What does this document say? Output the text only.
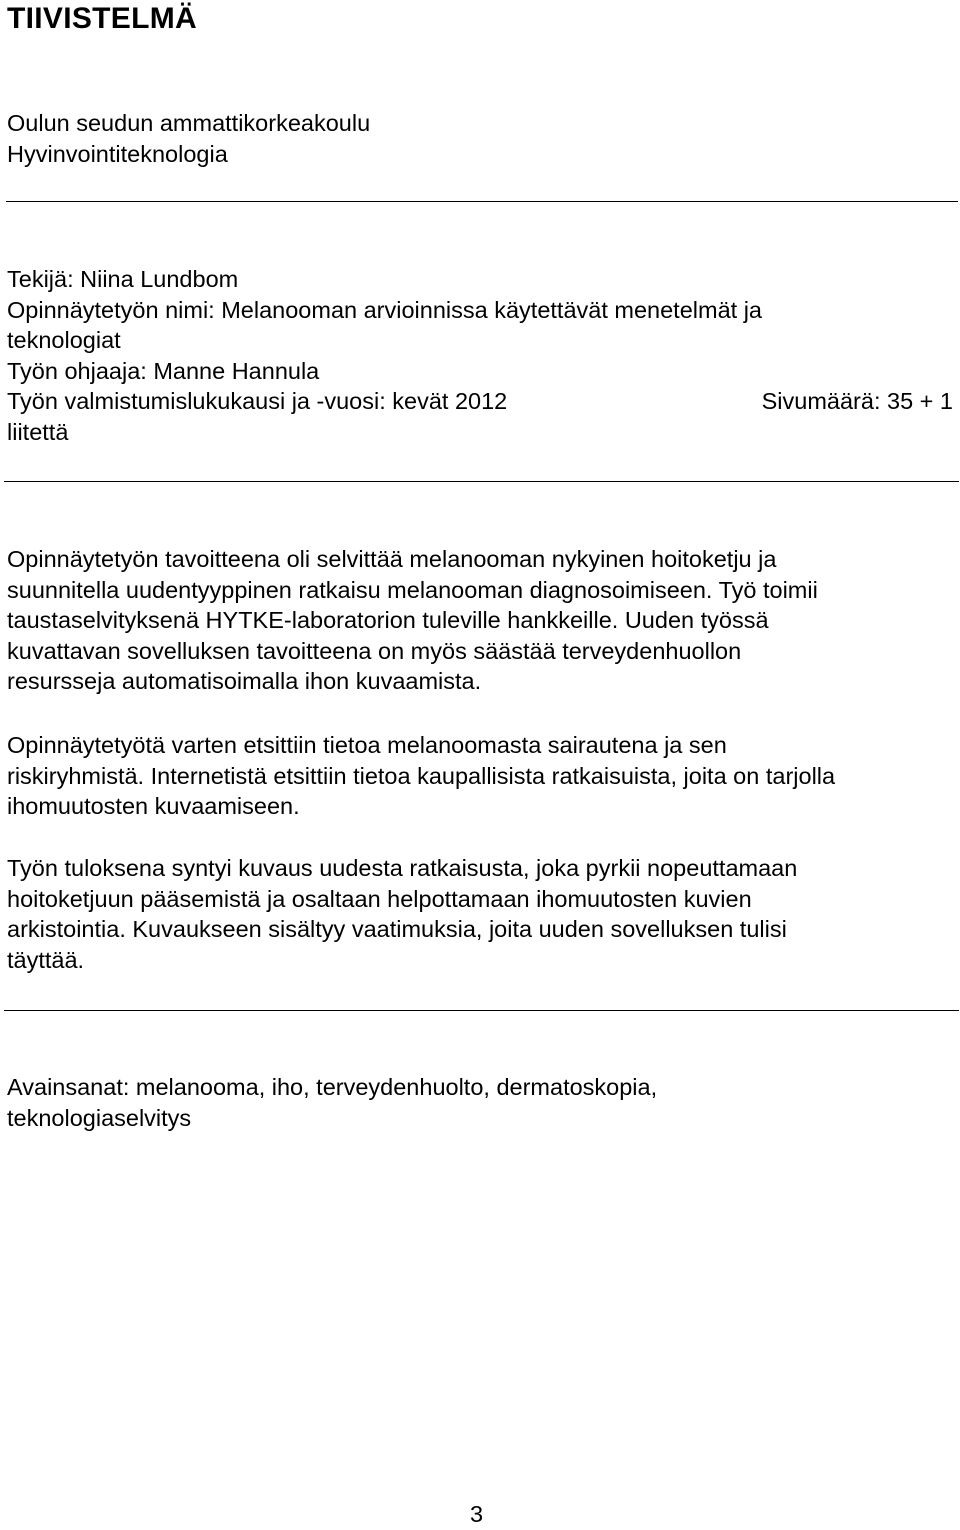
TIIVISTELMÄ
Oulun seudun ammattikorkeakoulu
Hyvinvointiteknologia
Tekijä: Niina Lundbom
Opinnäytetyön nimi: Melanooman arvioinnissa käytettävät menetelmät ja
teknologiat
Työn ohjaaja: Manne Hannula
Työn valmistumislukukausi ja -vuosi: kevät 2012	Sivumäärä: 35 + 1
liitettä
Opinnäytetyön tavoitteena oli selvittää melanooman nykyinen hoitoketju ja
suunnitella uudentyyppinen ratkaisu melanooman diagnosoimiseen. Työ toimii
taustaselvityksenä HYTKE-laboratorion tuleville hankkeille. Uuden työssä
kuvattavan sovelluksen tavoitteena on myös säästää terveydenhuollon
resursseja automatisoimalla ihon kuvaamista.
Opinnäytetyötä varten etsittiin tietoa melanoomasta sairautena ja sen
riskiryhmistä. Internetistä etsittiin tietoa kaupallisista ratkaisuista, joita on tarjolla
ihomuutosten kuvaamiseen.
Työn tuloksena syntyi kuvaus uudesta ratkaisusta, joka pyrkii nopeuttamaan
hoitoketjuun pääsemistä ja osaltaan helpottamaan ihomuutosten kuvien
arkistointia. Kuvaukseen sisältyy vaatimuksia, joita uuden sovelluksen tulisi
täyttää.
Avainsanat: melanooma, iho, terveydenhuolto, dermatoskopia,
teknologiaselvitys
3
